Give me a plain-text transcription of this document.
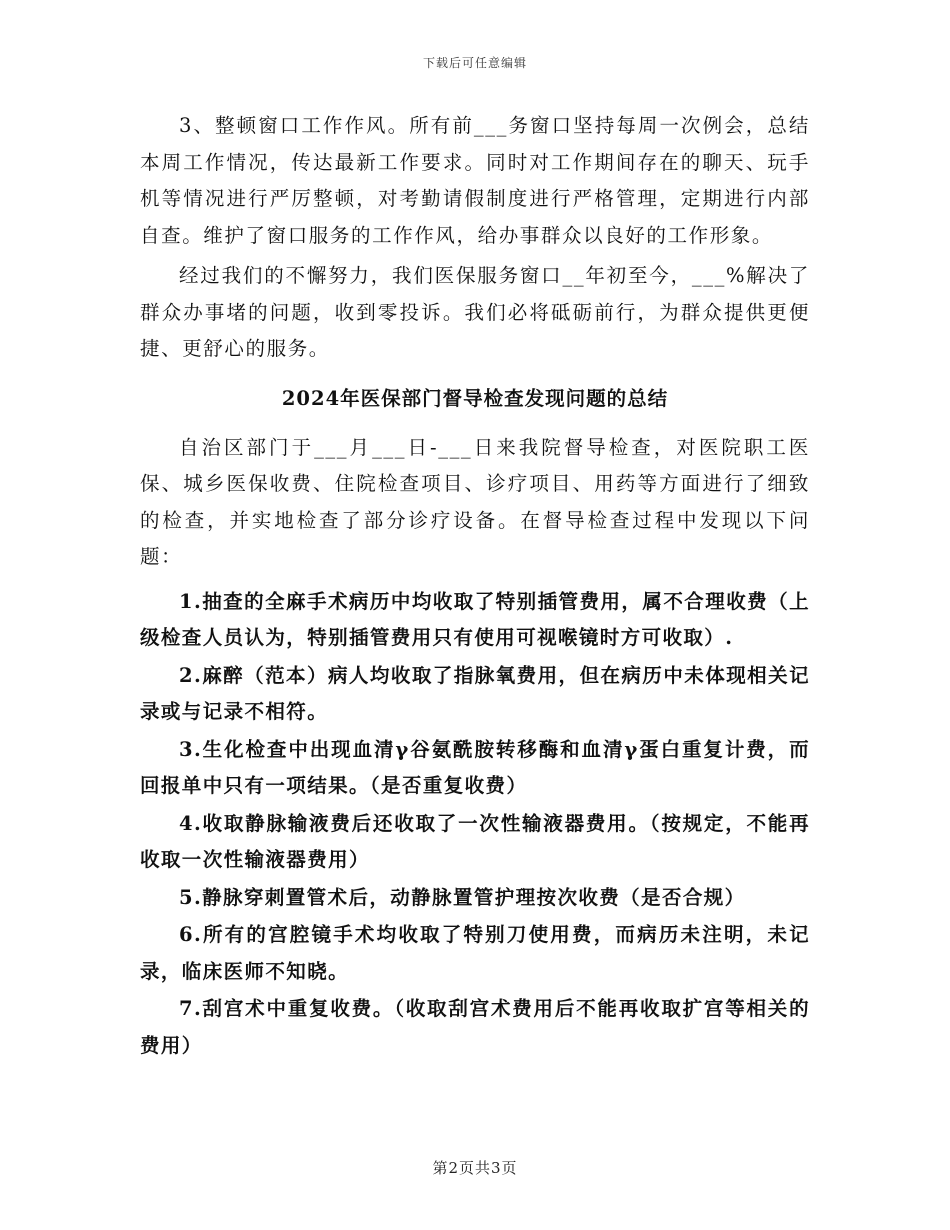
下载后可任意编辑

3、整顿窗口工作作风。所有前___务窗口坚持每周一次例会，总结本周工作情况，传达最新工作要求。同时对工作期间存在的聊天、玩手机等情况进行严厉整顿，对考勤请假制度进行严格管理，定期进行内部自查。维护了窗口服务的工作作风，给办事群众以良好的工作形象。

经过我们的不懈努力，我们医保服务窗口__年初至今，___%解决了群众办事堵的问题，收到零投诉。我们必将砥砺前行，为群众提供更便捷、更舒心的服务。

2024年医保部门督导检查发现问题的总结

自治区部门于___月___日-___日来我院督导检查，对医院职工医保、城乡医保收费、住院检查项目、诊疗项目、用药等方面进行了细致的检查，并实地检查了部分诊疗设备。在督导检查过程中发现以下问题：

1.抽查的全麻手术病历中均收取了特别插管费用，属不合理收费（上级检查人员认为，特别插管费用只有使用可视喉镜时方可收取）.

2.麻醉（范本）病人均收取了指脉氧费用，但在病历中未体现相关记录或与记录不相符。

3.生化检查中出现血清γ谷氨酰胺转移酶和血清γ蛋白重复计费，而回报单中只有一项结果。（是否重复收费）

4.收取静脉输液费后还收取了一次性输液器费用。（按规定，不能再收取一次性输液器费用）

5.静脉穿刺置管术后，动静脉置管护理按次收费（是否合规）

6.所有的宫腔镜手术均收取了特别刀使用费，而病历未注明，未记录，临床医师不知晓。

7.刮宫术中重复收费。（收取刮宫术费用后不能再收取扩宫等相关的费用）

第2页共3页
